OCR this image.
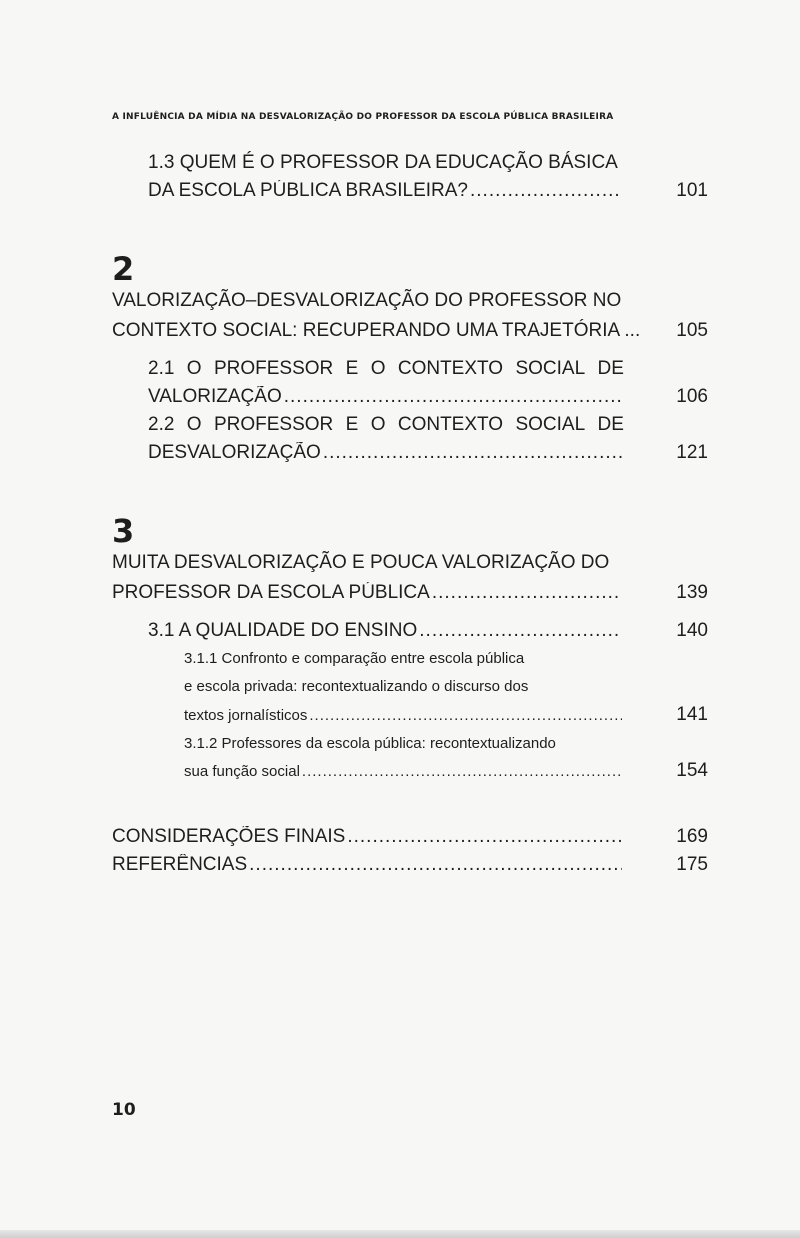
A INFLUÊNCIA DA MÍDIA NA DESVALORIZAÇÃO DO PROFESSOR DA ESCOLA PÚBLICA BRASILEIRA
1.3 QUEM É O PROFESSOR DA EDUCAÇÃO BÁSICA
DA ESCOLA PÚBLICA BRASILEIRA? .....	101
2
VALORIZAÇÃO–DESVALORIZAÇÃO DO PROFESSOR NO
CONTEXTO SOCIAL: RECUPERANDO UMA TRAJETÓRIA ...	105
2.1 O PROFESSOR E O CONTEXTO SOCIAL DE
VALORIZAÇÃO .....	106
2.2 O PROFESSOR E O CONTEXTO SOCIAL DE
DESVALORIZAÇÃO .....	121
3
MUITA DESVALORIZAÇÃO E POUCA VALORIZAÇÃO DO
PROFESSOR DA ESCOLA PÚBLICA .....	139
3.1 A QUALIDADE DO ENSINO .....	140
3.1.1 Confronto e comparação entre escola pública
e escola privada: recontextualizando o discurso dos
textos jornalísticos .....	141
3.1.2 Professores da escola pública: recontextualizando
sua função social .....	154
CONSIDERAÇÕES FINAIS .....	169
REFERÊNCIAS .....	175
10
